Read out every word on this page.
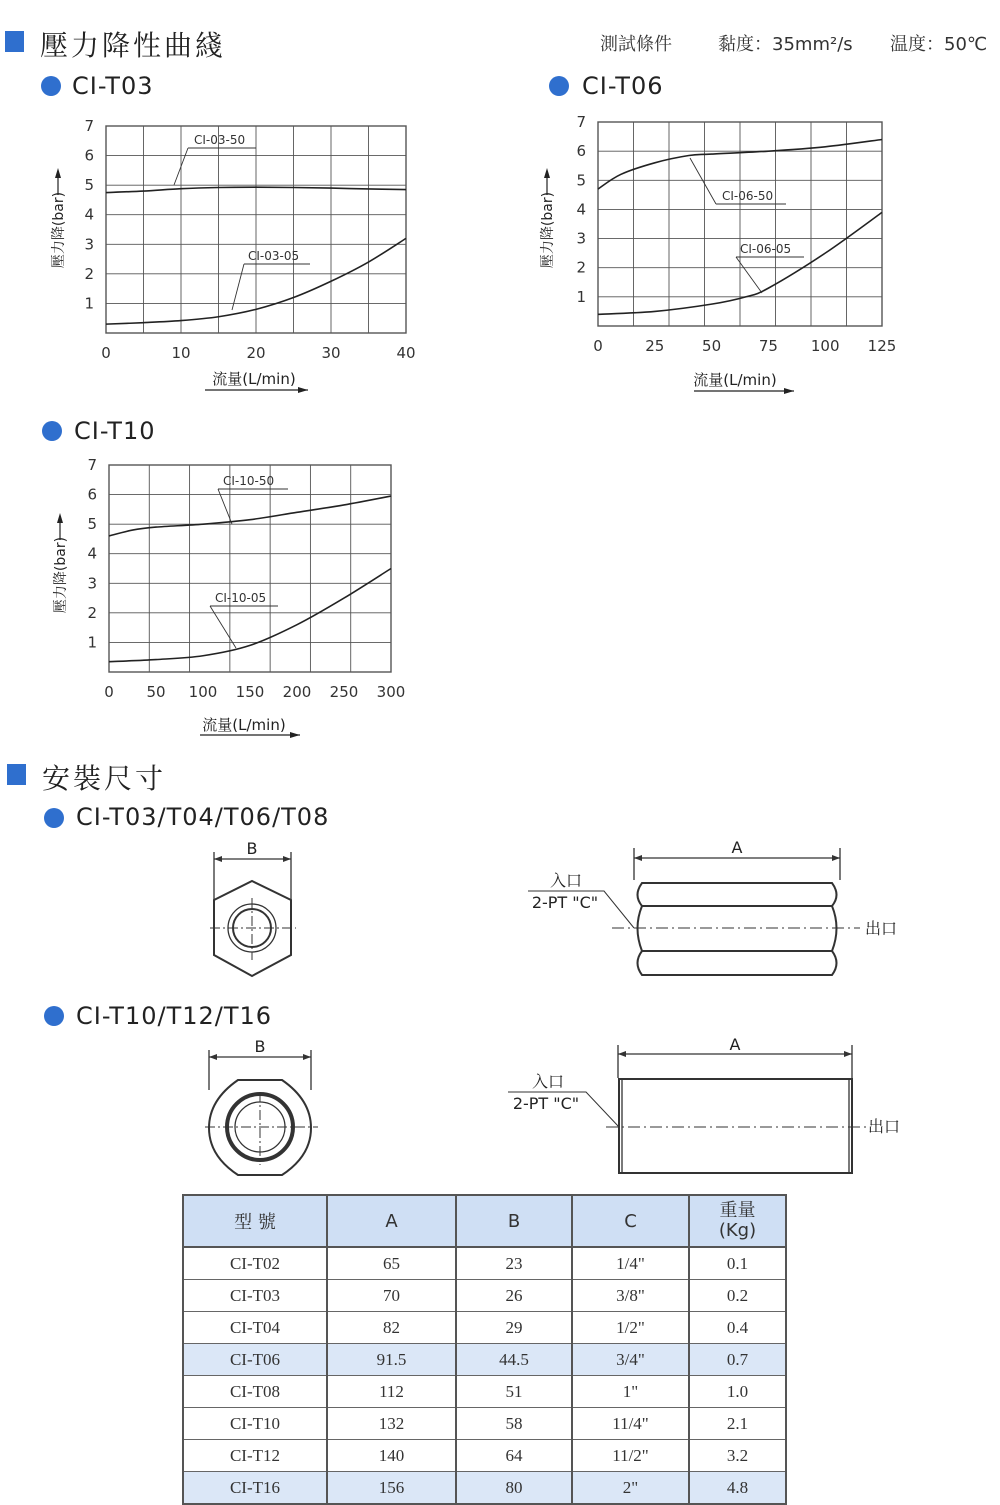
壓力降性曲綫	測試條件	黏度：35mm²/s 温度：50℃
CI-T03	CI-T06
CI-T10
1
2
3
4
5
6
7
0	10	20	30	40
CI-03-50
CI-03-05
壓力降(bar)
流量(L/min)
1
2
3
4
5
6
7
0	25	50	75 100 125
CI-06-50
CI-06-05
壓力降(bar)
流量(L/min)
1
2
3
4
5
6
7
0 50 100 150 200 250 300
CI-10-50
CI-10-05
壓力降(bar)
流量(L/min)
安裝尺寸
CI-T03/T04/T06/T08
CI-T10/T12/T16
B	A
入口
2-PT "C"
出口
B	A
入口
2-PT "C"
出口
型 號	A	B	C	重量
(Kg)
CI-T02	65	23	1/4"	0.1
CI-T03	70	26	3/8"	0.2
CI-T04	82	29	1/2"	0.4
CI-T06	91.5	44.5	3/4"	0.7
CI-T08	112	51	1"	1.0
CI-T10	132	58	11/4"	2.1
CI-T12	140	64	11/2"	3.2
CI-T16	156	80	2"	4.8
